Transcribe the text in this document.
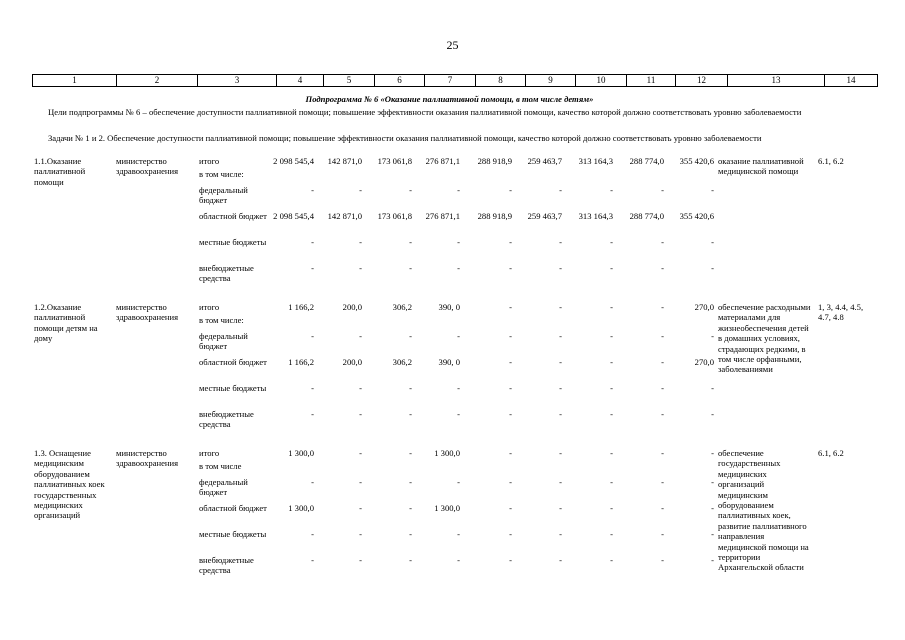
25
1	2	3	4	5	6	7	8	9	10	11	12	13	14
Подпрограмма № 6 «Оказание паллиативной помощи, в том числе детям»
Цели подпрограммы № 6 – обеспечение доступности паллиативной помощи; повышение эффективности оказания паллиативной помощи, качество которой должно соответствовать уровню заболеваемости
Задачи № 1 и 2. Обеспечение доступности паллиативной помощи; повышение эффективности оказания паллиативной помощи, качество которой должно соответствовать уровню заболеваемости
1.1.Оказание паллиативной помощи
министерство здравоохранения
оказание паллиативной медицинской помощи
6.1, 6.2
итого	2 098 545,4	142 871,0	173 061,8	276 871,1	288 918,9	259 463,7	313 164,3	288 774,0	355 420,6
в том числе:
федеральный бюджет
-	-	-	-	-	-	-	-	-
областной бюджет 2 098 545,4	142 871,0	173 061,8	276 871,1	288 918,9	259 463,7	313 164,3	288 774,0	355 420,6
местные бюджеты	-	-	-	-	-	-	-	-	-
внебюджетные средства
-	-	-	-	-	-	-	-	-
1.2.Оказание паллиативной помощи детям на дому
министерство здравоохранения
обеспечение расходными материалами для жизнеобеспечения детей в домашних условиях, страдающих редкими, в том числе орфанными, заболеваниями
1, 3, 4.4, 4.5, 4.7, 4.8
итого	1 166,2	200,0	306,2	390, 0	-	-	-	-	270,0
в том числе:
федеральный бюджет
-	-	-	-	-	-	-	-	-
областной бюджет	1 166,2	200,0	306,2	390, 0	-	-	-	-	270,0
местные бюджеты	-	-	-	-	-	-	-	-	-
внебюджетные средства
-	-	-	-	-	-	-	-	-
1.3. Оснащение медицинским оборудованием паллиативных коек государственных медицинских организаций
министерство здравоохранения
обеспечение государственных медицинских организаций медицинским оборудованием паллиативных коек, развитие паллиативного направления медицинской помощи на территории Архангельской области
6.1, 6.2
итого	1 300,0	-	-	1 300,0	-	-	-	-	-
в том числе
федеральный бюджет
-	-	-	-	-	-	-	-	-
областной бюджет	1 300,0	-	-	1 300,0	-	-	-	-	-
местные бюджеты	-	-	-	-	-	-	-	-	-
внебюджетные средства
-	-	-	-	-	-	-	-	-
